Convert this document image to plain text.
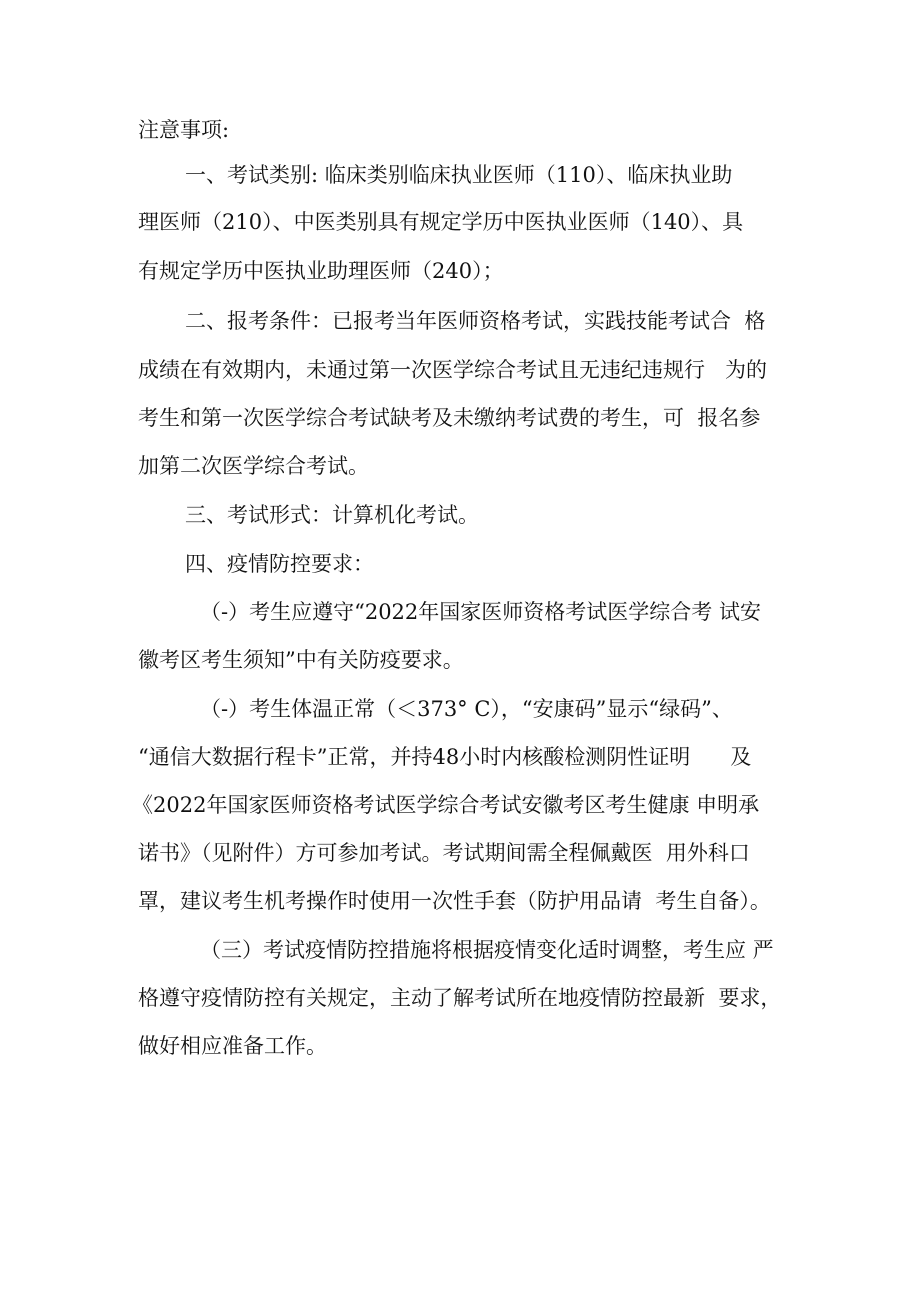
注意事项:
一、考试类别: 临床类别临床执业医师（110）、临床执业助
理医师（210）、中医类别具有规定学历中医执业医师（140）、具
有规定学历中医执业助理医师（240）；
二、报考条件：已报考当年医师资格考试，实践技能考试合  格
成绩在有效期内，未通过第一次医学综合考试且无违纪违规行   为的
考生和第一次医学综合考试缺考及未缴纳考试费的考生，可  报名参
加第二次医学综合考试。
三、考试形式：计算机化考试。
四、疫情防控要求：
（-）考生应遵守“2022年国家医师资格考试医学综合考 试安
徽考区考生须知”中有关防疫要求。
（-）考生体温正常（＜373° C），“安康码”显示“绿码”、
“通信大数据行程卡”正常，并持48小时内核酸检测阴性证明      及
《2022年国家医师资格考试医学综合考试安徽考区考生健康 申明承
诺书》（见附件）方可参加考试。考试期间需全程佩戴医  用外科口
罩，建议考生机考操作时使用一次性手套（防护用品请  考生自备）。
（三）考试疫情防控措施将根据疫情变化适时调整，考生应 严
格遵守疫情防控有关规定，主动了解考试所在地疫情防控最新  要求，
做好相应准备工作。
